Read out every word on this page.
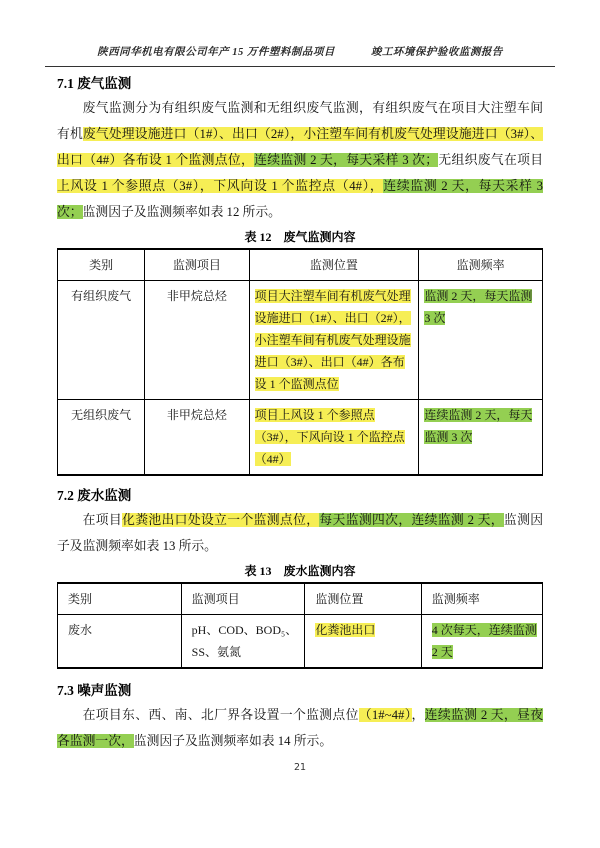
陕西同华机电有限公司年产 15 万件塑料制品项目	竣工环境保护验收监测报告
7.1 废气监测

废气监测分为有组织废气监测和无组织废气监测，有组织废气在项目大注塑车间有机废气处理设施进口（1#）、出口（2#），小注塑车间有机废气处理设施进口（3#）、出口（4#）各布设 1 个监测点位，连续监测 2 天，每天采样 3 次；无组织废气在项目上风设 1 个参照点（3#），下风向设 1 个监控点（4#），连续监测 2 天，每天采样 3 次；监测因子及监测频率如表 12 所示。

表 12　废气监测内容
类别	监测项目	监测位置	监测频率
有组织废气	非甲烷总烃	项目大注塑车间有机废气处理设施进口（1#）、出口（2#），小注塑车间有机废气处理设施进口（3#）、出口（4#）各布设 1 个监测点位	监测 2 天，每天监测 3 次
无组织废气	非甲烷总烃	项目上风设 1 个参照点（3#），下风向设 1 个监控点（4#）	连续监测 2 天，每天监测 3 次
7.2 废水监测

在项目化粪池出口处设立一个监测点位，每天监测四次，连续监测 2 天，监测因子及监测频率如表 13 所示。

表 13　废水监测内容
类别	监测项目	监测位置	监测频率
废水	pH、COD、BOD₅、SS、氨氮	化粪池出口	4 次每天，连续监测 2 天
7.3 噪声监测

在项目东、西、南、北厂界各设置一个监测点位（1#~4#），连续监测 2 天，昼夜各监测一次，监测因子及监测频率如表 14 所示。

21
